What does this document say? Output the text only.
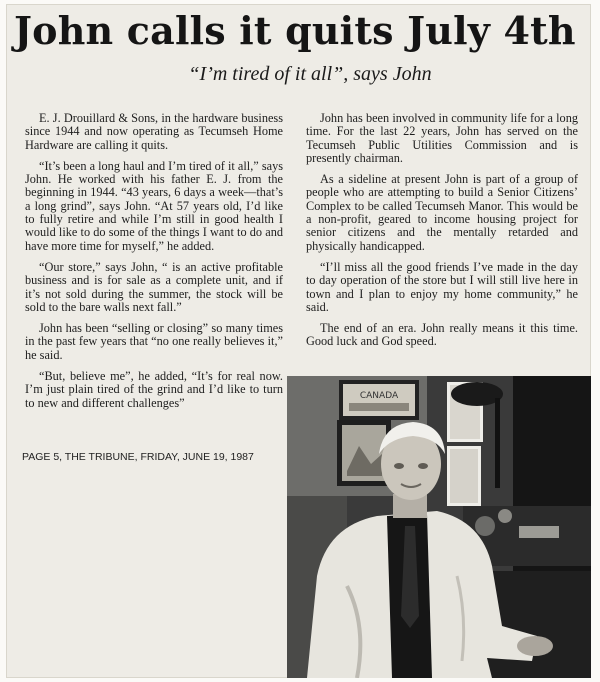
John calls it quits July 4th
“I’m tired of it all”, says John

E. J. Drouillard & Sons, in the hardware business since 1944 and now operating as Tecumseh Home Hardware are calling it quits.

“It’s been a long haul and I’m tired of it all,” says John. He worked with his father E. J. from the beginning in 1944. “43 years, 6 days a week—that’s a long grind”, says John. “At 57 years old, I’d like to fully retire and while I’m still in good health I would like to do some of the things I want to do and have more time for myself,” he added.

“Our store,” says John, “ is an active profitable business and is for sale as a complete unit, and if it’s not sold during the summer, the stock will be sold to the bare walls next fall.”

John has been “selling or closing” so many times in the past few years that “no one really believes it,” he said.

“But, believe me”, he added, “It’s for real now. I’m just plain tired of the grind and I’d like to turn to new and different challenges”

John has been involved in community life for a long time. For the last 22 years, John has served on the Tecumseh Public Utilities Commission and is presently chairman.

As a sideline at present John is part of a group of people who are attempting to build a Senior Citizens’ Complex to be called Tecumseh Manor. This would be a non-profit, geared to income housing project for senior citizens and the mentally retarded and physically handicapped.

“I’ll miss all the good friends I’ve made in the day to day operation of the store but I will still live here in town and I plan to enjoy my home community,” he said.

The end of an era. John really means it this time. Good luck and God speed.

PAGE 5, THE TRIBUNE, FRIDAY, JUNE 19, 1987
CANADA
